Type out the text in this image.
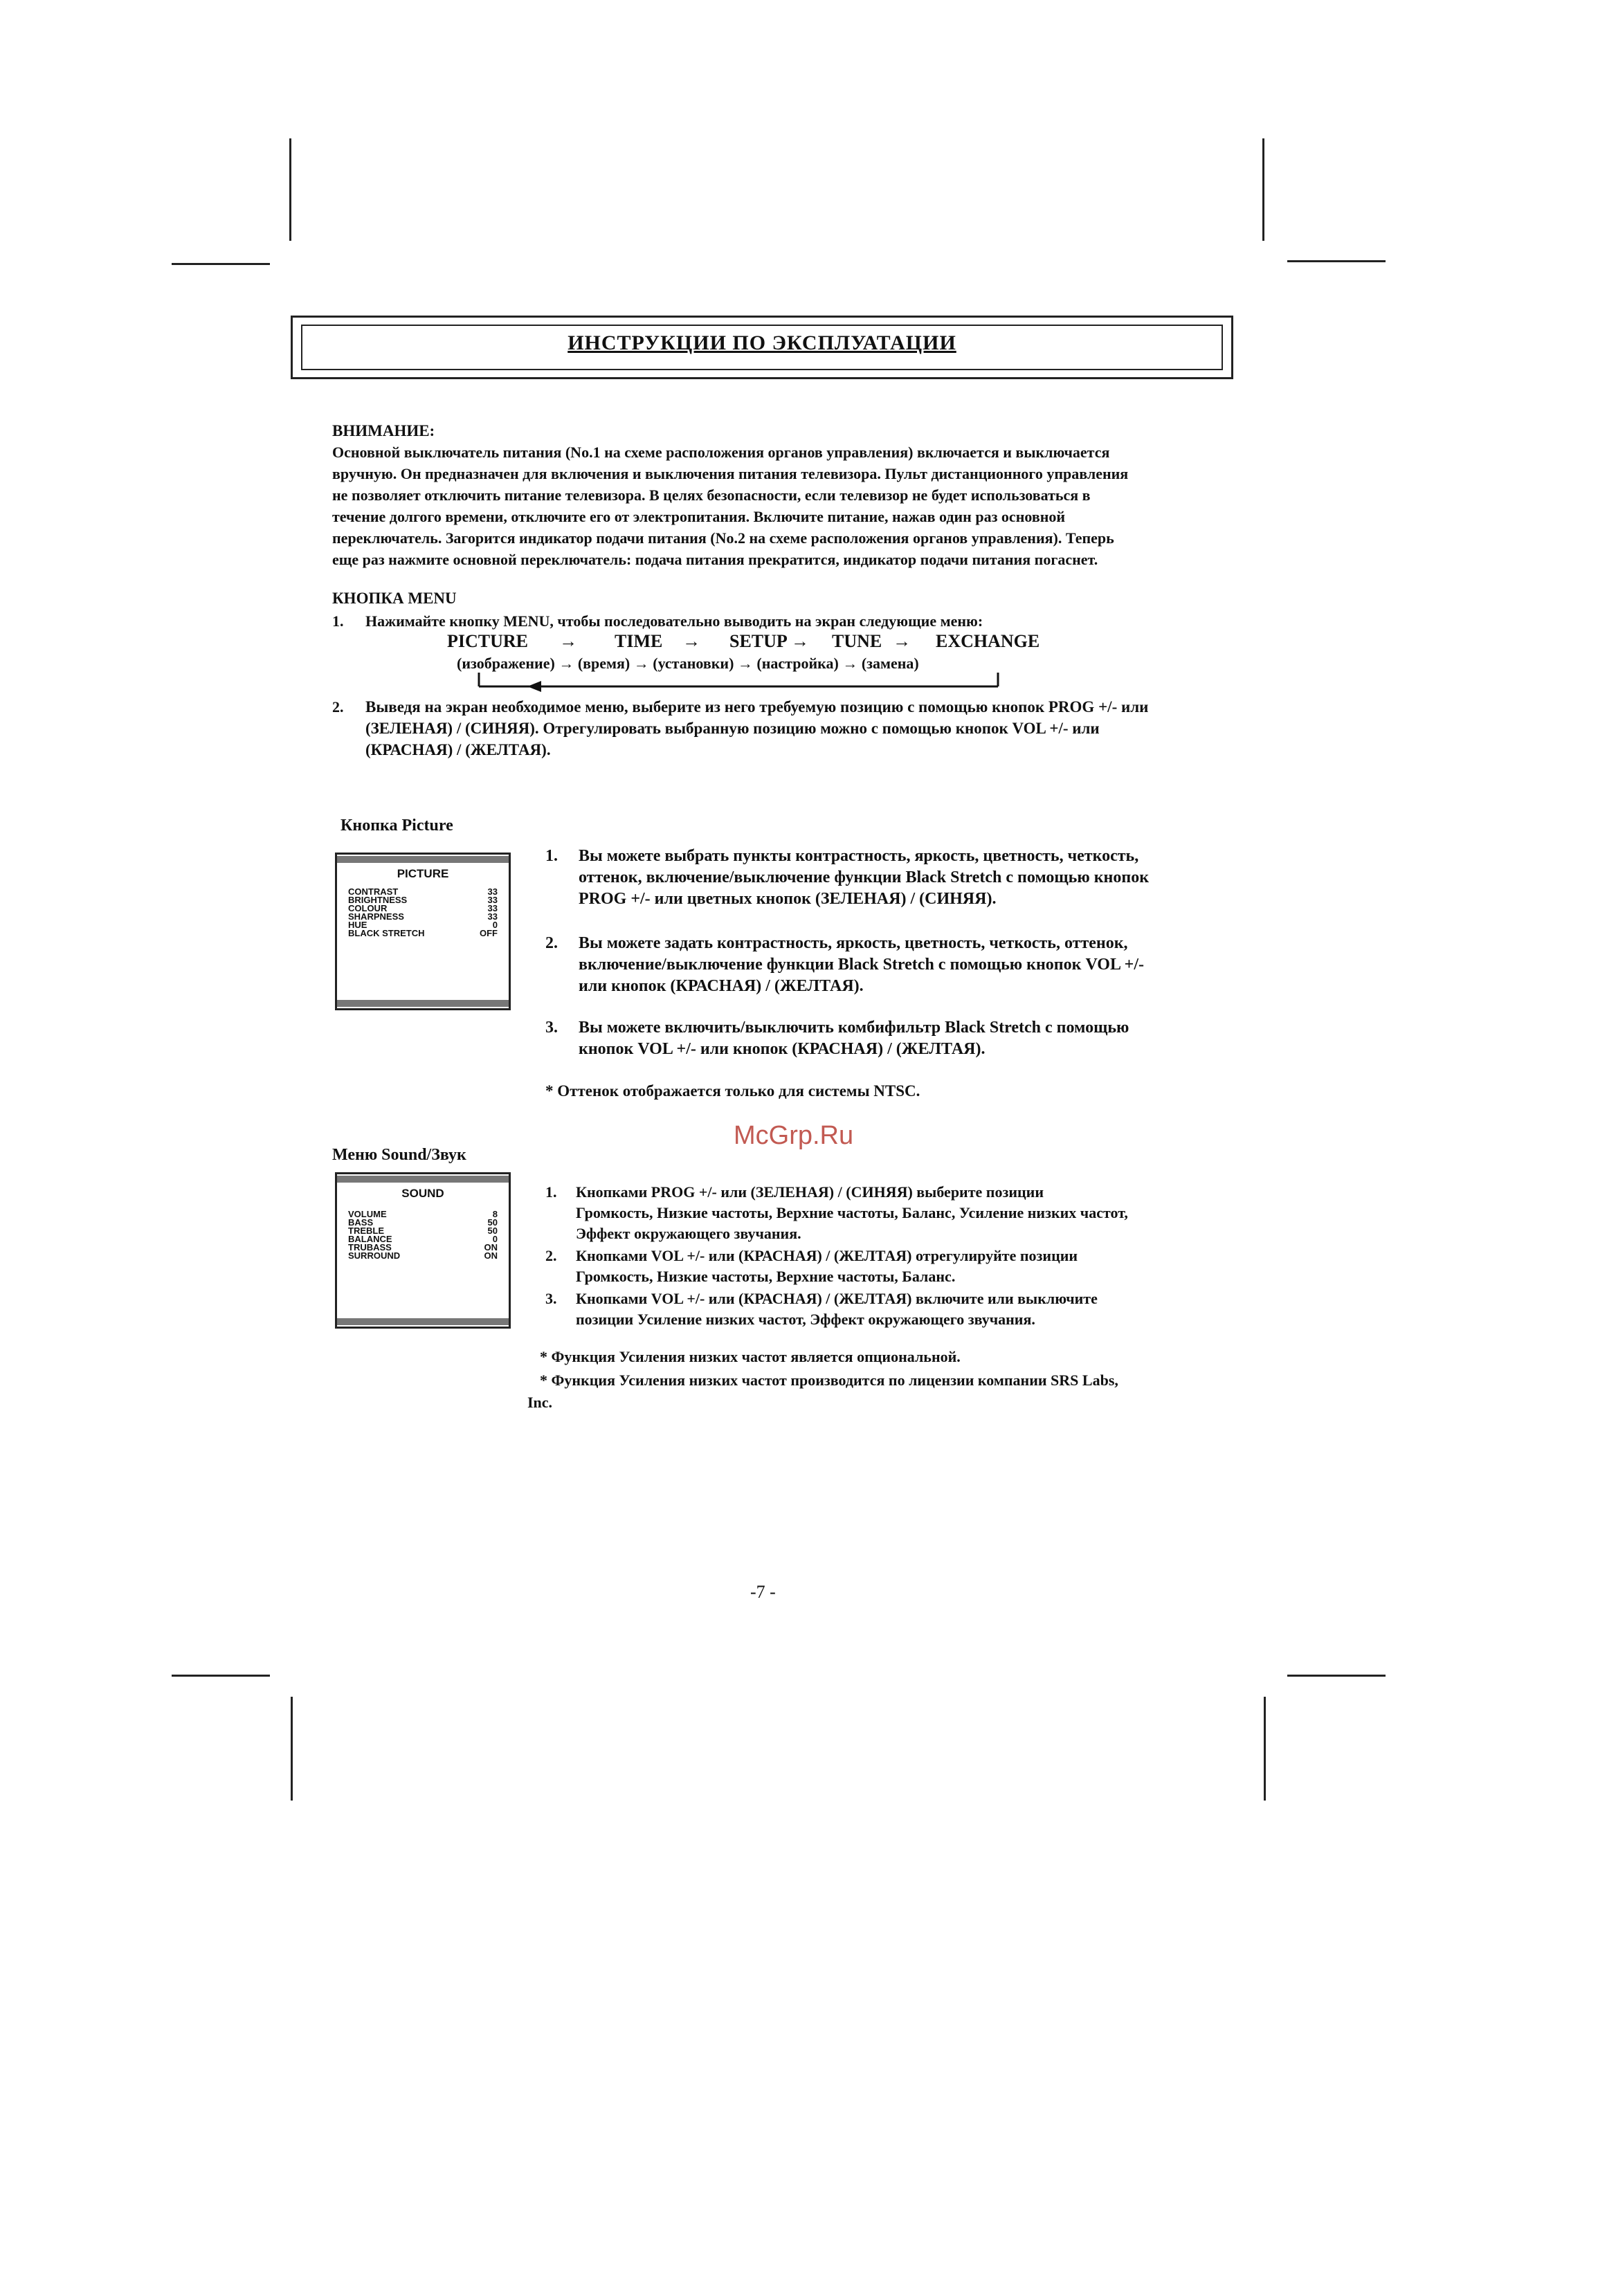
ИНСТРУКЦИИ ПО ЭКСПЛУАТАЦИИ
ВНИМАНИЕ:

Основной выключатель питания (No.1 на схеме расположения органов управления) включается и выключается

вручную. Он предназначен для включения и выключения питания телевизора. Пульт дистанционного управления

не позволяет отключить питание телевизора. В целях безопасности, если телевизор не будет использоваться в

течение долгого времени, отключите его от электропитания. Включите питание, нажав один раз основной

переключатель. Загорится индикатор подачи питания (No.2 на схеме расположения органов управления). Теперь

еще раз нажмите основной переключатель: подача питания прекратится, индикатор подачи питания погаснет.

КНОПКА MENU
1. Нажимайте кнопку MENU, чтобы последовательно выводить на экран следующие меню:
PICTURE → TIME → SETUP → TUNE → EXCHANGE
(изображение) → (время) → (установки) → (настройка) → (замена)
2. Выведя на экран необходимое меню, выберите из него требуемую позицию с помощью кнопок PROG +/- или

(ЗЕЛЕНАЯ) / (СИНЯЯ). Отрегулировать выбранную позицию можно с помощью кнопок VOL +/- или

(КРАСНАЯ) / (ЖЕЛТАЯ).

Кнопка Picture
PICTURE
CONTRAST	33
BRIGHTNESS	33
COLOUR	33
SHARPNESS	33
HUE	0
BLACK STRETCH	OFF
1. Вы можете выбрать пункты контрастность, яркость, цветность, четкость,
оттенок, включение/выключение функции Black Stretch с помощью кнопок
PROG +/- или цветных кнопок (ЗЕЛЕНАЯ) / (СИНЯЯ).
2. Вы можете задать контрастность, яркость, цветность, четкость, оттенок,
включение/выключение функции Black Stretch с помощью кнопок VOL +/-
или кнопок (КРАСНАЯ) / (ЖЕЛТАЯ).
3. Вы можете включить/выключить комбифильтр Black Stretch с помощью
кнопок VOL +/- или кнопок (КРАСНАЯ) / (ЖЕЛТАЯ).
* Оттенок отображается только для системы NTSC.
McGrp.Ru
Меню Sound/Звук
SOUND
VOLUME	8
BASS	50
TREBLE	50
BALANCE	0
TRUBASS	ON
SURROUND	ON
1. Кнопками PROG +/- или (ЗЕЛЕНАЯ) / (СИНЯЯ) выберите позиции
Громкость, Низкие частоты, Верхние частоты, Баланс, Усиление низких частот,
Эффект окружающего звучания.
2. Кнопками VOL +/- или (КРАСНАЯ) / (ЖЕЛТАЯ) отрегулируйте позиции
Громкость, Низкие частоты, Верхние частоты, Баланс.
3. Кнопками VOL +/- или (КРАСНАЯ) / (ЖЕЛТАЯ) включите или выключите
позиции Усиление низких частот, Эффект окружающего звучания.
* Функция Усиления низких частот является опциональной.
* Функция Усиления низких частот производится по лицензии компании SRS Labs,
Inc.
-7 -
